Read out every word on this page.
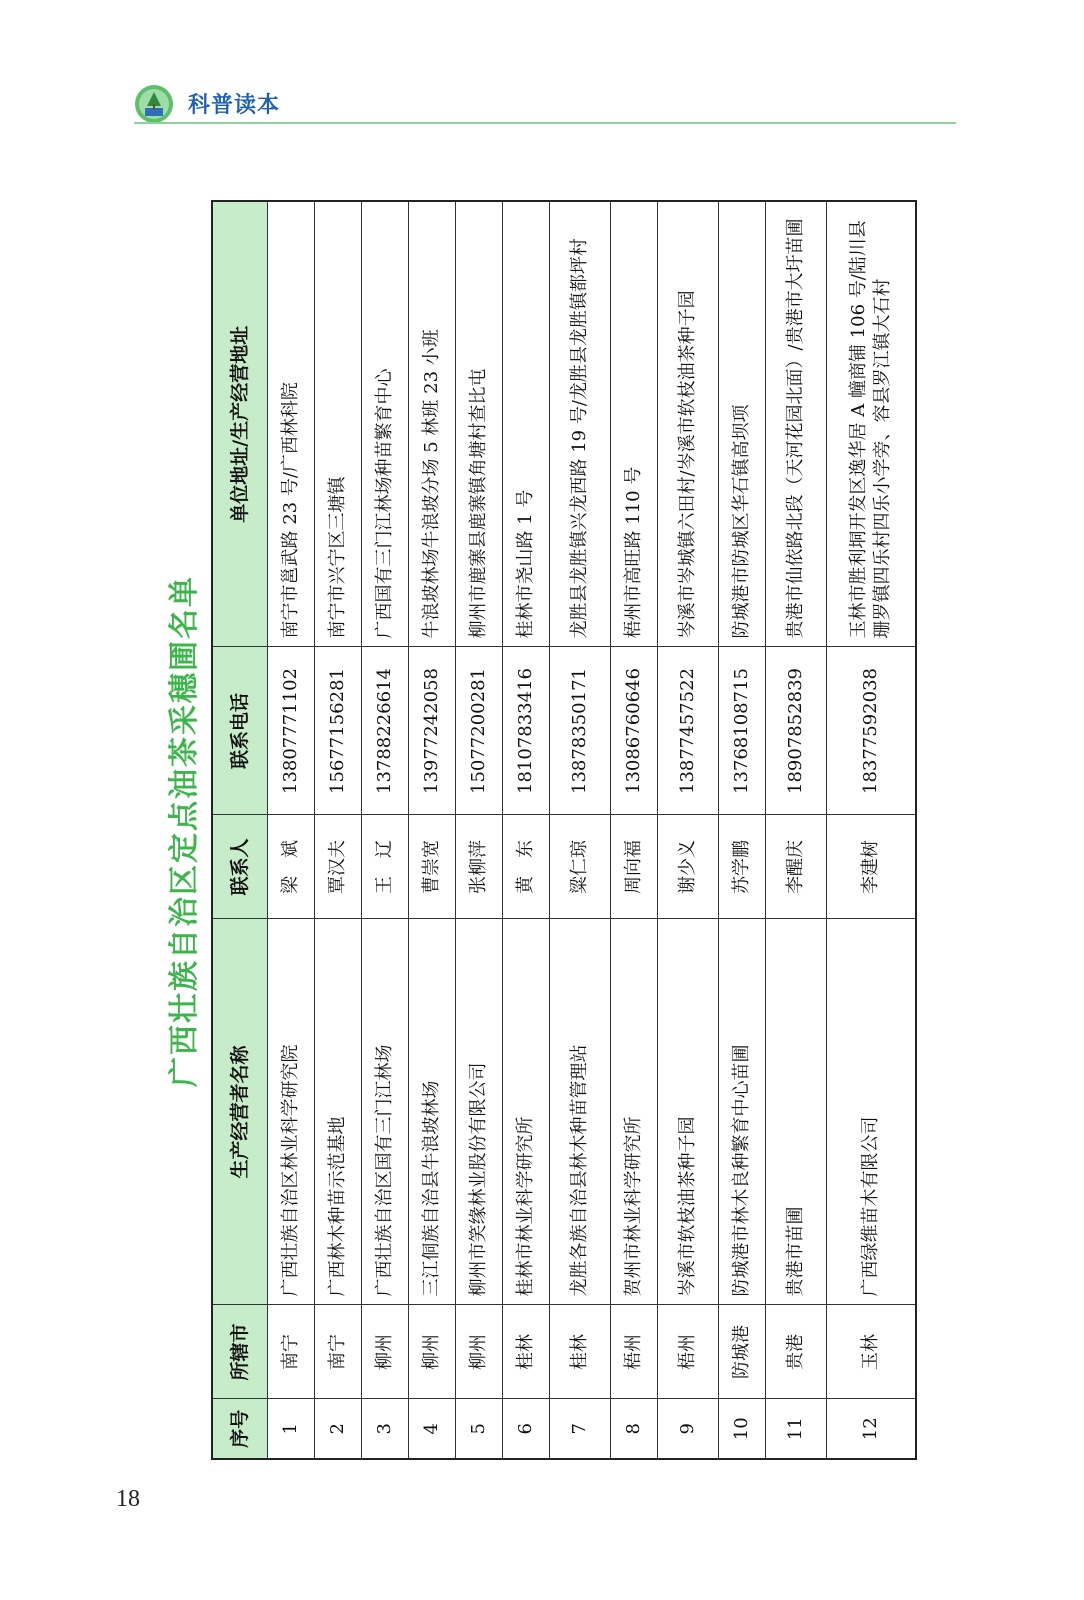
科普读本
广西壮族自治区定点油茶采穗圃名单
序号	所辖市	生产经营者名称	联系人	联系电话	单位地址/生产经营地址
1	南宁	广西壮族自治区林业科学研究院	梁　斌	13807771102	南宁市邕武路 23 号/广西林科院
2	南宁	广西林木种苗示范基地	覃汉夫	15677156281	南宁市兴宁区三塘镇
3	柳州	广西壮族自治区国有三门江林场	王　辽	13788226614	广西国有三门江林场种苗繁育中心
4	柳州	三江侗族自治县牛浪坡林场	曹崇宽	13977242058	牛浪坡林场牛浪坡分场 5 林班 23 小班
5	柳州	柳州市笑缘林业股份有限公司	张柳萍	15077200281	柳州市鹿寨县鹿寨镇角塘村查比屯
6	桂林	桂林市林业科学研究所	黄　东	18107833416	桂林市尧山路 1 号
7	桂林	龙胜各族自治县林木种苗管理站	粱仁琼	13878350171	龙胜县龙胜镇兴龙西路 19 号/龙胜县龙胜镇都坪村
8	梧州	贺州市林业科学研究所	周向福	13086760646	梧州市高旺路 110 号
9	梧州	岑溪市软枝油茶种子园	谢少义	13877457522	岑溪市岑城镇六田村/岑溪市软枝油茶种子园
10	防城港	防城港市林木良种繁育中心苗圃	苏学鹏	13768108715	防城港市防城区华石镇高坝项
11	贵港	贵港市苗圃	李醒庆	18907852839	贵港市仙依路北段（天河花园北面）/贵港市大圩苗圃
12	玉林	广西绿维苗木有限公司	李建树	18377592038	玉林市胜利垌开发区逸华居 A 幢商铺 106 号/陆川县珊罗镇四乐村四乐小学旁、容县罗江镇大石村
18
